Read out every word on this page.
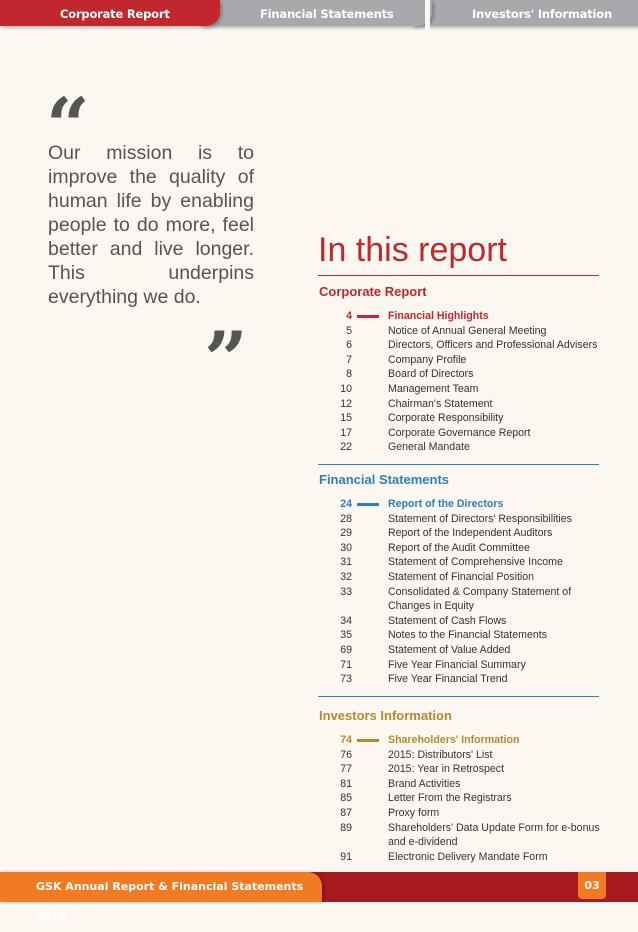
Corporate Report	Financial Statements	Investors' Information
“
Our mission is to improve the quality of human life by enabling people to do more, feel better and live longer. This underpins everything we do.
”
In this report
Corporate Report
4	Financial Highlights
5	Notice of Annual General Meeting
6	Directors, Officers and Professional Advisers
7	Company Profile
8	Board of Directors
10	Management Team
12	Chairman's Statement
15	Corporate Responsibility
17	Corporate Governance Report
22	General Mandate
Financial Statements
24	Report of the Directors
28	Statement of Directors' Responsibilities
29	Report of the Independent Auditors
30	Report of the Audit Committee
31	Statement of Comprehensive Income
32	Statement of Financial Position
33	Consolidated & Company Statement of Changes in Equity
34	Statement of Cash Flows
35	Notes to the Financial Statements
69	Statement of Value Added
71	Five Year Financial Summary
73	Five Year Financial Trend
Investors Information
74	Shareholders' Information
76	2015: Distributors' List
77	2015: Year in Retrospect
81	Brand Activities
85	Letter From the Registrars
87	Proxy form
89	Shareholders' Data Update Form for e-bonus and e-dividend
91	Electronic Delivery Mandate Form
GSK Annual Report & Financial Statements 2015
03
